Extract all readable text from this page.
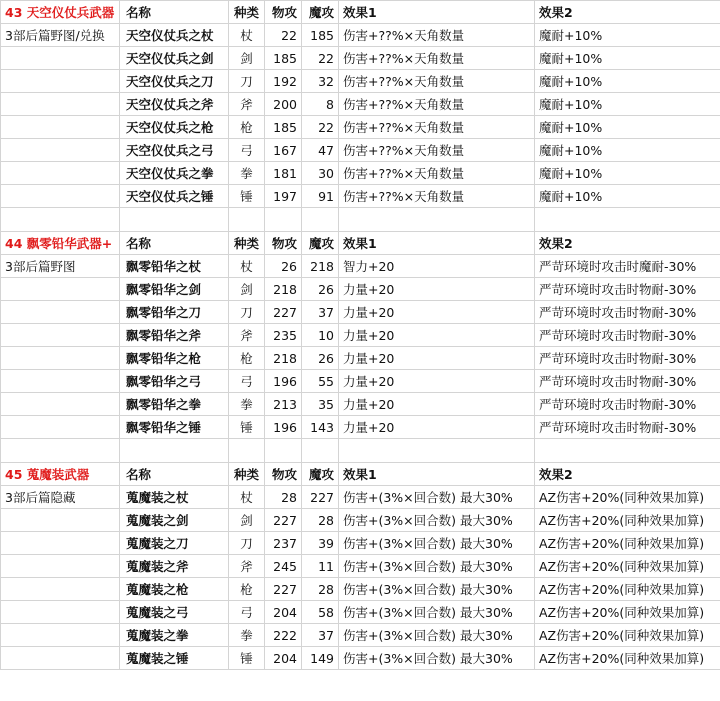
43 天空仪仗兵武器	名称	种类	物攻	魔攻	效果1	效果2
3部后篇野图/兑换	天空仪仗兵之杖	杖	22	185	伤害+??%×天角数量	魔耐+10%
	天空仪仗兵之剑	剑	185	22	伤害+??%×天角数量	魔耐+10%
	天空仪仗兵之刀	刀	192	32	伤害+??%×天角数量	魔耐+10%
	天空仪仗兵之斧	斧	200	8	伤害+??%×天角数量	魔耐+10%
	天空仪仗兵之枪	枪	185	22	伤害+??%×天角数量	魔耐+10%
	天空仪仗兵之弓	弓	167	47	伤害+??%×天角数量	魔耐+10%
	天空仪仗兵之拳	拳	181	30	伤害+??%×天角数量	魔耐+10%
	天空仪仗兵之锤	锤	197	91	伤害+??%×天角数量	魔耐+10%

44 飘零铅华武器+	名称	种类	物攻	魔攻	效果1	效果2
3部后篇野图	飘零铅华之杖	杖	26	218	智力+20	严苛环境时攻击时魔耐-30%
	飘零铅华之剑	剑	218	26	力量+20	严苛环境时攻击时物耐-30%
	飘零铅华之刀	刀	227	37	力量+20	严苛环境时攻击时物耐-30%
	飘零铅华之斧	斧	235	10	力量+20	严苛环境时攻击时物耐-30%
	飘零铅华之枪	枪	218	26	力量+20	严苛环境时攻击时物耐-30%
	飘零铅华之弓	弓	196	55	力量+20	严苛环境时攻击时物耐-30%
	飘零铅华之拳	拳	213	35	力量+20	严苛环境时攻击时物耐-30%
	飘零铅华之锤	锤	196	143	力量+20	严苛环境时攻击时物耐-30%

45 蒐魔装武器	名称	种类	物攻	魔攻	效果1	效果2
3部后篇隐藏	蒐魔装之杖	杖	28	227	伤害+(3%×回合数) 最大30%	AZ伤害+20%(同种效果加算)
	蒐魔装之剑	剑	227	28	伤害+(3%×回合数) 最大30%	AZ伤害+20%(同种效果加算)
	蒐魔装之刀	刀	237	39	伤害+(3%×回合数) 最大30%	AZ伤害+20%(同种效果加算)
	蒐魔装之斧	斧	245	11	伤害+(3%×回合数) 最大30%	AZ伤害+20%(同种效果加算)
	蒐魔装之枪	枪	227	28	伤害+(3%×回合数) 最大30%	AZ伤害+20%(同种效果加算)
	蒐魔装之弓	弓	204	58	伤害+(3%×回合数) 最大30%	AZ伤害+20%(同种效果加算)
	蒐魔装之拳	拳	222	37	伤害+(3%×回合数) 最大30%	AZ伤害+20%(同种效果加算)
	蒐魔装之锤	锤	204	149	伤害+(3%×回合数) 最大30%	AZ伤害+20%(同种效果加算)
